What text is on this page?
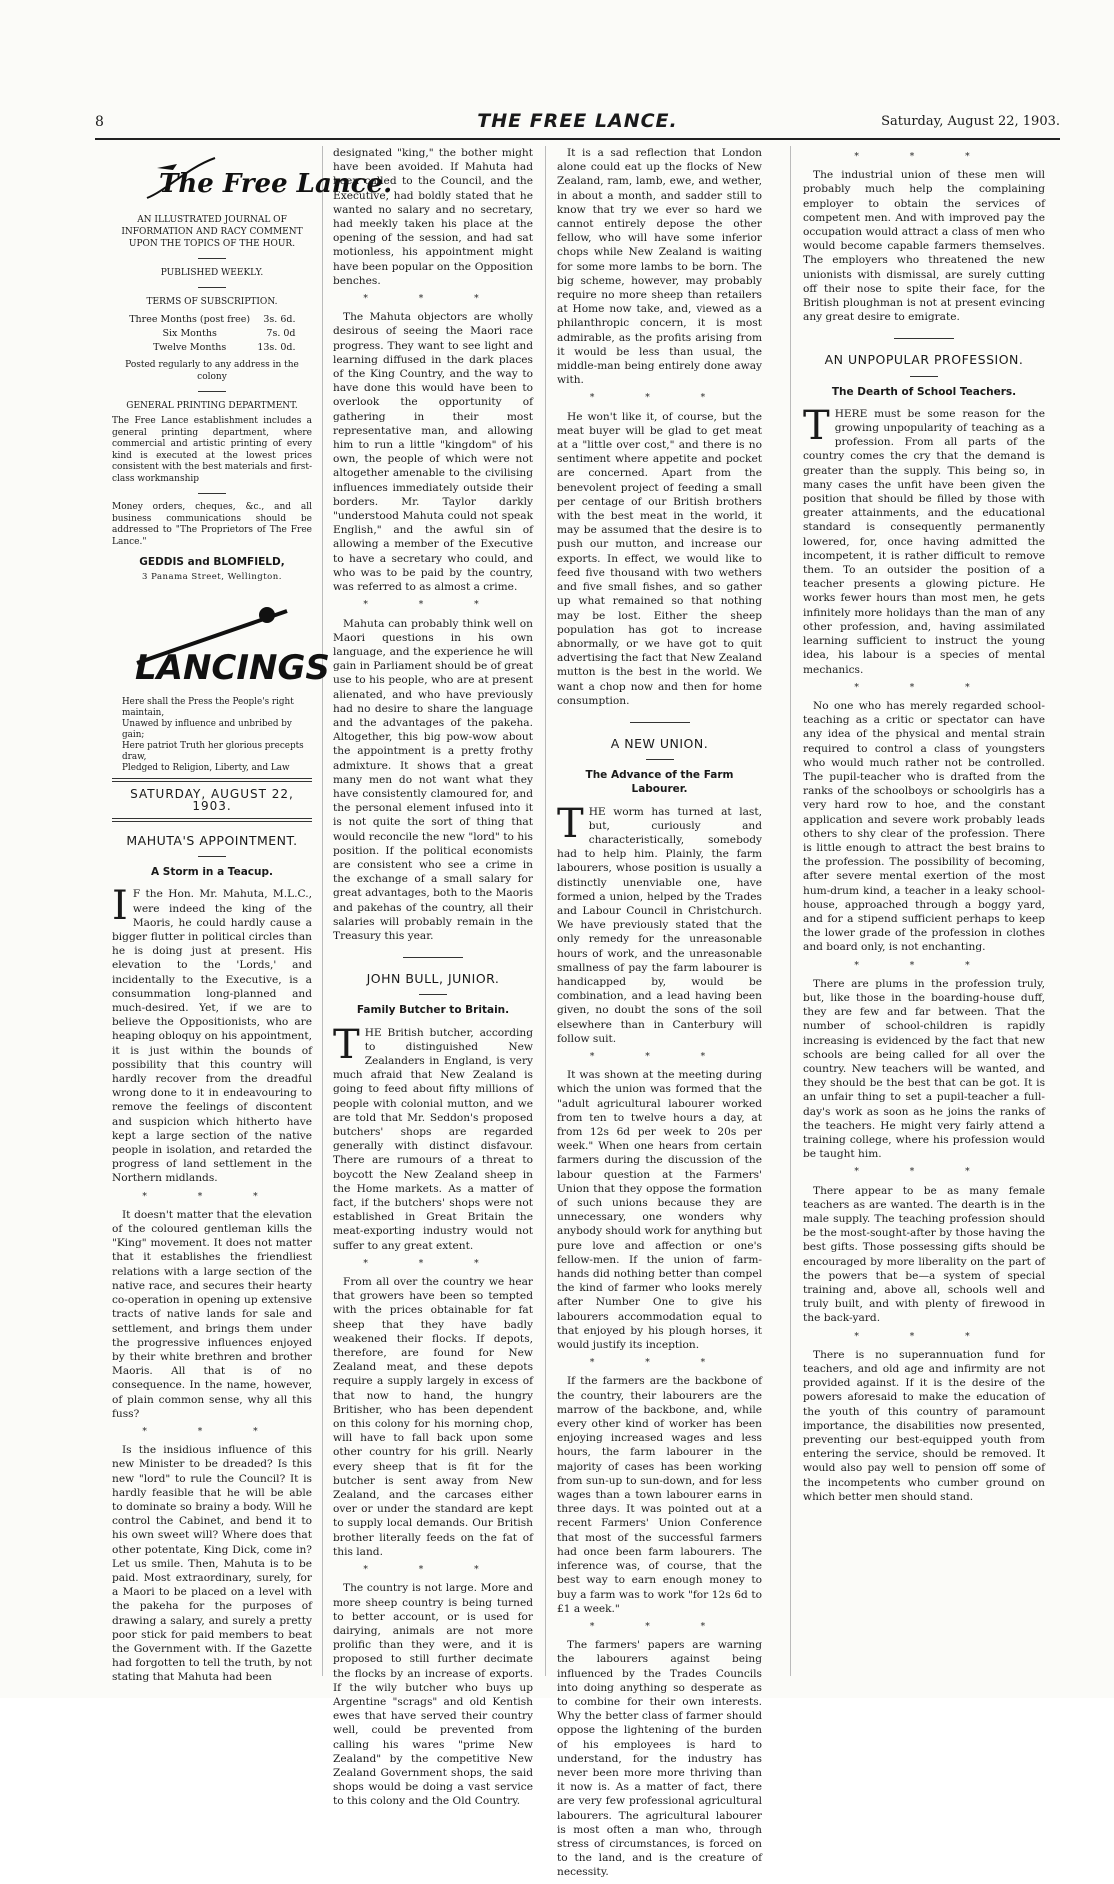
8	THE FREE LANCE.	Saturday, August 22, 1903.
The Free Lance.

AN ILLUSTRATED JOURNAL OF INFORMATION AND RACY COMMENT UPON THE TOPICS OF THE HOUR.

PUBLISHED WEEKLY.

TERMS OF SUBSCRIPTION.

Three Months (post free)	3s. 6d.
Six Months	7s. 0d
Twelve Months	13s. 0d.

Posted regularly to any address in the colony

GENERAL PRINTING DEPARTMENT.

The Free Lance establishment includes a general printing department, where commercial and artistic printing of every kind is executed at the lowest prices consistent with the best materials and first-class workmanship

Money orders, cheques, &c., and all business communications should be addressed to "The Proprietors of The Free Lance."

GEDDIS and BLOMFIELD,
3 Panama Street, Wellington.
LANCINGS
Here shall the Press the People's right maintain,
Unawed by influence and unbribed by gain;
Here patriot Truth her glorious precepts draw,
Pledged to Religion, Liberty, and Law
SATURDAY, AUGUST 22, 1903.
MAHUTA'S APPOINTMENT.
A Storm in a Teacup.

I F the Hon. Mr. Mahuta, M.L.C., were indeed the king of the Maoris, he could hardly cause a bigger flutter in political circles than he is doing just at present. His elevation to the 'Lords,' and incidentally to the Executive, is a consummation long-planned and much-desired. Yet, if we are to believe the Oppositionists, who are heaping obloquy on his appointment, it is just within the bounds of possibility that this country will hardly recover from the dreadful wrong done to it in endeavouring to remove the feelings of discontent and suspicion which hitherto have kept a large section of the native people in isolation, and retarded the progress of land settlement in the Northern midlands.

* * *

It doesn't matter that the elevation of the coloured gentleman kills the "King" movement. It does not matter that it establishes the friendliest relations with a large section of the native race, and secures their hearty co-operation in opening up extensive tracts of native lands for sale and settlement, and brings them under the progressive influences enjoyed by their white brethren and brother Maoris. All that is of no consequence. In the name, however, of plain common sense, why all this fuss?

* * *

Is the insidious influence of this new Minister to be dreaded? Is this new "lord" to rule the Council? It is hardly feasible that he will be able to dominate so brainy a body. Will he control the Cabinet, and bend it to his own sweet will? Where does that other potentate, King Dick, come in? Let us smile. Then, Mahuta is to be paid. Most extraordinary, surely, for a Maori to be placed on a level with the pakeha for the purposes of drawing a salary, and surely a pretty poor stick for paid members to beat the Government with. If the Gazette had forgotten to tell the truth, by not stating that Mahuta had been

designated "king," the bother might have been avoided. If Mahuta had been called to the Council, and the Executive, had boldly stated that he wanted no salary and no secretary, had meekly taken his place at the opening of the session, and had sat motionless, his appointment might have been popular on the Opposition benches.

* * *

The Mahuta objectors are wholly desirous of seeing the Maori race progress. They want to see light and learning diffused in the dark places of the King Country, and the way to have done this would have been to overlook the opportunity of gathering in their most representative man, and allowing him to run a little "kingdom" of his own, the people of which were not altogether amenable to the civilising influences immediately outside their borders. Mr. Taylor darkly "understood Mahuta could not speak English," and the awful sin of allowing a member of the Executive to have a secretary who could, and who was to be paid by the country, was referred to as almost a crime.

* * *

Mahuta can probably think well on Maori questions in his own language, and the experience he will gain in Parliament should be of great use to his people, who are at present alienated, and who have previously had no desire to share the language and the advantages of the pakeha. Altogether, this big pow-wow about the appointment is a pretty frothy admixture. It shows that a great many men do not want what they have consistently clamoured for, and the personal element infused into it is not quite the sort of thing that would reconcile the new "lord" to his position. If the political economists are consistent who see a crime in the exchange of a small salary for great advantages, both to the Maoris and pakehas of the country, all their salaries will probably remain in the Treasury this year.

JOHN BULL, JUNIOR.
Family Butcher to Britain.

THE British butcher, according to distinguished New Zealanders in England, is very much afraid that New Zealand is going to feed about fifty millions of people with colonial mutton, and we are told that Mr. Seddon's proposed butchers' shops are regarded generally with distinct disfavour. There are rumours of a threat to boycott the New Zealand sheep in the Home markets. As a matter of fact, if the butchers' shops were not established in Great Britain the meat-exporting industry would not suffer to any great extent.

* * *

From all over the country we hear that growers have been so tempted with the prices obtainable for fat sheep that they have badly weakened their flocks. If depots, therefore, are found for New Zealand meat, and these depots require a supply largely in excess of that now to hand, the hungry Britisher, who has been dependent on this colony for his morning chop, will have to fall back upon some other country for his grill. Nearly every sheep that is fit for the butcher is sent away from New Zealand, and the carcases either over or under the standard are kept to supply local demands. Our British brother literally feeds on the fat of this land.

* * *

The country is not large. More and more sheep country is being turned to better account, or is used for dairying, animals are not more prolific than they were, and it is proposed to still further decimate the flocks by an increase of exports. If the wily butcher who buys up Argentine "scrags" and old Kentish ewes that have served their country well, could be prevented from calling his wares "prime New Zealand" by the competitive New Zealand Government shops, the said shops would be doing a vast service to this colony and the Old Country.

It is a sad reflection that London alone could eat up the flocks of New Zealand, ram, lamb, ewe, and wether, in about a month, and sadder still to know that try we ever so hard we cannot entirely depose the other fellow, who will have some inferior chops while New Zealand is waiting for some more lambs to be born. The big scheme, however, may probably require no more sheep than retailers at Home now take, and, viewed as a philanthropic concern, it is most admirable, as the profits arising from it would be less than usual, the middle-man being entirely done away with.

* * *

He won't like it, of course, but the meat buyer will be glad to get meat at a "little over cost," and there is no sentiment where appetite and pocket are concerned. Apart from the benevolent project of feeding a small per centage of our British brothers with the best meat in the world, it may be assumed that the desire is to push our mutton, and increase our exports. In effect, we would like to feed five thousand with two wethers and five small fishes, and so gather up what remained so that nothing may be lost. Either the sheep population has got to increase abnormally, or we have got to quit advertising the fact that New Zealand mutton is the best in the world. We want a chop now and then for home consumption.

A NEW UNION.
The Advance of the Farm Labourer.

THE worm has turned at last, but, curiously and characteristically, somebody had to help him. Plainly, the farm labourers, whose position is usually a distinctly unenviable one, have formed a union, helped by the Trades and Labour Council in Christchurch. We have previously stated that the only remedy for the unreasonable hours of work, and the unreasonable smallness of pay the farm labourer is handicapped by, would be combination, and a lead having been given, no doubt the sons of the soil elsewhere than in Canterbury will follow suit.

* * *

It was shown at the meeting during which the union was formed that the "adult agricultural labourer worked from ten to twelve hours a day, at from 12s 6d per week to 20s per week." When one hears from certain farmers during the discussion of the labour question at the Farmers' Union that they oppose the formation of such unions because they are unnecessary, one wonders why anybody should work for anything but pure love and affection or one's fellow-men. If the union of farm-hands did nothing better than compel the kind of farmer who looks merely after Number One to give his labourers accommodation equal to that enjoyed by his plough horses, it would justify its inception.

* * *

If the farmers are the backbone of the country, their labourers are the marrow of the backbone, and, while every other kind of worker has been enjoying increased wages and less hours, the farm labourer in the majority of cases has been working from sun-up to sun-down, and for less wages than a town labourer earns in three days. It was pointed out at a recent Farmers' Union Conference that most of the successful farmers had once been farm labourers. The inference was, of course, that the best way to earn enough money to buy a farm was to work "for 12s 6d to £1 a week."

* * *

The farmers' papers are warning the labourers against being influenced by the Trades Councils into doing anything so desperate as to combine for their own interests. Why the better class of farmer should oppose the lightening of the burden of his employees is hard to understand, for the industry has never been more more thriving than it now is. As a matter of fact, there are very few professional agricultural labourers. The agricultural labourer is most often a man who, through stress of circumstances, is forced on to the land, and is the creature of necessity.

* * *

The industrial union of these men will probably much help the complaining employer to obtain the services of competent men. And with improved pay the occupation would attract a class of men who would become capable farmers themselves. The employers who threatened the new unionists with dismissal, are surely cutting off their nose to spite their face, for the British ploughman is not at present evincing any great desire to emigrate.

AN UNPOPULAR PROFESSION.
The Dearth of School Teachers.

THERE must be some reason for the growing unpopularity of teaching as a profession. From all parts of the country comes the cry that the demand is greater than the supply. This being so, in many cases the unfit have been given the position that should be filled by those with greater attainments, and the educational standard is consequently permanently lowered, for, once having admitted the incompetent, it is rather difficult to remove them. To an outsider the position of a teacher presents a glowing picture. He works fewer hours than most men, he gets infinitely more holidays than the man of any other profession, and, having assimilated learning sufficient to instruct the young idea, his labour is a species of mental mechanics.

* * *

No one who has merely regarded school-teaching as a critic or spectator can have any idea of the physical and mental strain required to control a class of youngsters who would much rather not be controlled. The pupil-teacher who is drafted from the ranks of the schoolboys or schoolgirls has a very hard row to hoe, and the constant application and severe work probably leads others to shy clear of the profession. There is little enough to attract the best brains to the profession. The possibility of becoming, after severe mental exertion of the most hum-drum kind, a teacher in a leaky school-house, approached through a boggy yard, and for a stipend sufficient perhaps to keep the lower grade of the profession in clothes and board only, is not enchanting.

* * *

There are plums in the profession truly, but, like those in the boarding-house duff, they are few and far between. That the number of school-children is rapidly increasing is evidenced by the fact that new schools are being called for all over the country. New teachers will be wanted, and they should be the best that can be got. It is an unfair thing to set a pupil-teacher a full-day's work as soon as he joins the ranks of the teachers. He might very fairly attend a training college, where his profession would be taught him.

* * *

There appear to be as many female teachers as are wanted. The dearth is in the male supply. The teaching profession should be the most-sought-after by those having the best gifts. Those possessing gifts should be encouraged by more liberality on the part of the powers that be—a system of special training and, above all, schools well and truly built, and with plenty of firewood in the back-yard.

* * *

There is no superannuation fund for teachers, and old age and infirmity are not provided against. If it is the desire of the powers aforesaid to make the education of the youth of this country of paramount importance, the disabilities now presented, preventing our best-equipped youth from entering the service, should be removed. It would also pay well to pension off some of the incompetents who cumber ground on which better men should stand.
